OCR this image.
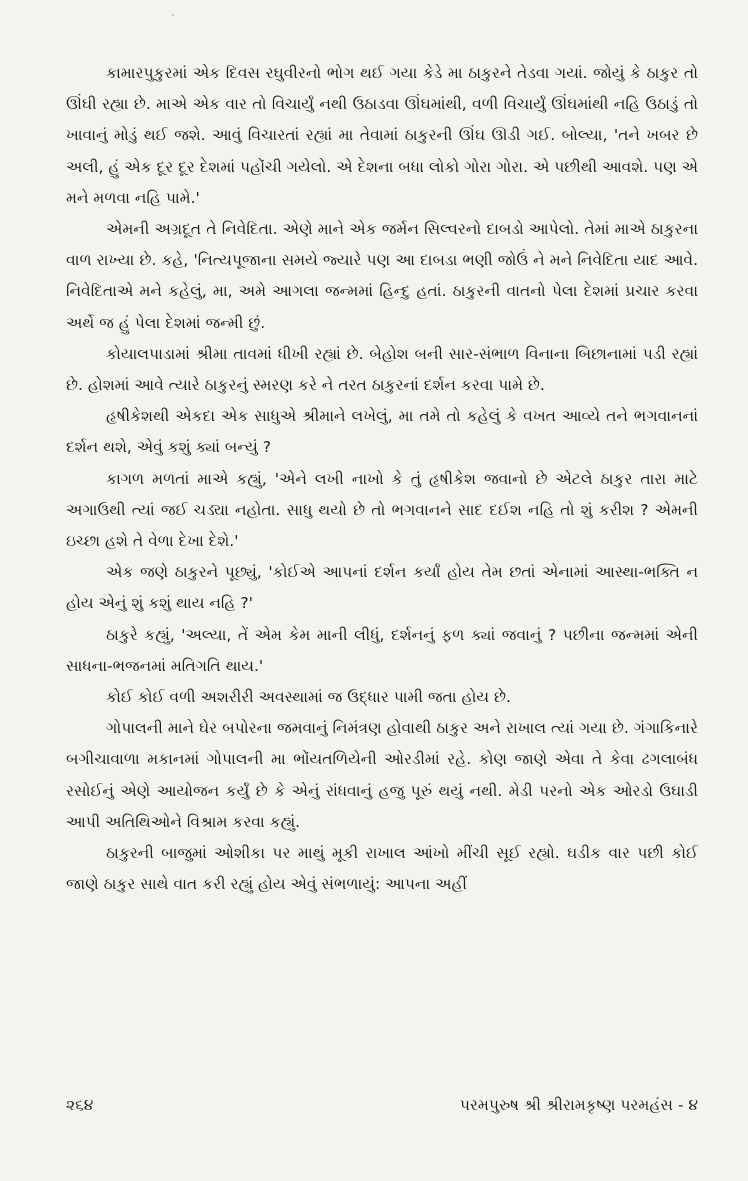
કામારપુકુરમાં એક દિવસ રઘુવીરનો ભોગ થઈ ગયા કેડે મા ઠાકુરને તેડવા ગયાં. જોયું કે ઠાકુર તો ઊંઘી રહ્યા છે. માએ એક વાર તો વિચાર્યું નથી ઉઠાડવા ઊંઘમાંથી, વળી વિચાર્યું ઊંઘમાંથી નહિ ઉઠાડું તો ખાવાનું મોડું થઈ જશે. આવું વિચારતાં રહ્યાં મા તેવામાં ઠાકુરની ઊંઘ ઊડી ગઈ. બોલ્યા, 'તને ખબર છે અલી, હું એક દૂર દૂર દેશમાં પહોંચી ગયેલો. એ દેશના બધા લોકો ગોરા ગોરા. એ પછીથી આવશે. પણ એ મને મળવા નહિ પામે.'

એમની અગ્રદૂત તે નિવેદિતા. એણે માને એક જર્મન સિલ્વરનો દાબડો આપેલો. તેમાં માએ ઠાકુરના વાળ રાખ્યા છે. કહે, 'નિત્યપૂજાના સમયે જ્યારે પણ આ દાબડા ભણી જોઉં ને મને નિવેદિતા યાદ આવે. નિવેદિતાએ મને કહેલું, મા, અમે આગલા જન્મમાં હિન્દુ હતાં. ઠાકુરની વાતનો પેલા દેશમાં પ્રચાર કરવા અર્થે જ હું પેલા દેશમાં જન્મી છું.

કોયાલપાડામાં શ્રીમા તાવમાં ધીખી રહ્યાં છે. બેહોશ બની સાર-સંભાળ વિનાના બિછાનામાં પડી રહ્યાં છે. હોશમાં આવે ત્યારે ઠાકુરનું સ્મરણ કરે ને તરત ઠાકુરનાં દર્શન કરવા પામે છે.

હૃષીકેશથી એકદા એક સાધુએ શ્રીમાને લખેલું, મા તમે તો કહેલું કે વખત આવ્યે તને ભગવાનનાં દર્શન થશે, એવું કશું ક્યાં બન્યું ?

કાગળ મળતાં માએ કહ્યું, 'એને લખી નાખો કે તું હૃષીકેશ જવાનો છે એટલે ઠાકુર તારા માટે અગાઉથી ત્યાં જઈ ચડ્યા નહોતા. સાધુ થયો છે તો ભગવાનને સાદ દઈશ નહિ તો શું કરીશ ? એમની ઇચ્છા હશે તે વેળા દેખા દેશે.'

એક જણે ઠાકુરને પૂછ્યું, 'કોઈએ આપનાં દર્શન કર્યાં હોય તેમ છતાં એનામાં આસ્થા-ભક્તિ ન હોય એનું શું કશું થાય નહિ ?'

ઠાકુરે કહ્યું, 'અલ્યા, તેં એમ કેમ માની લીધું, દર્શનનું ફળ ક્યાં જવાનું ? પછીના જન્મમાં એની સાધના-ભજનમાં મતિગતિ થાય.'

કોઈ કોઈ વળી અશરીરી અવસ્થામાં જ ઉદ્ધાર પામી જતા હોય છે.

ગોપાલની માને ઘેર બપોરના જમવાનું નિમંત્રણ હોવાથી ઠાકુર અને રાખાલ ત્યાં ગયા છે. ગંગાકિનારે બગીચાવાળા મકાનમાં ગોપાલની મા ભોંયતળિયેની ઓરડીમાં રહે. કોણ જાણે એવા તે કેવા ઢગલાબંધ રસોઈનું એણે આયોજન કર્યું છે કે એનું રાંધવાનું હજુ પૂરું થયું નથી. મેડી પરનો એક ઓરડો ઉઘાડી આપી અતિથિઓને વિશ્રામ કરવા કહ્યું.

ઠાકુરની બાજુમાં ઓશીકા પર માથું મૂકી રાખાલ આંખો મીંચી સૂઈ રહ્યો. ઘડીક વાર પછી કોઈ જાણે ઠાકુર સાથે વાત કરી રહ્યું હોય એવું સંભળાયું: આપના અહીં

૨૬૪	પરમપુરુષ શ્રી શ્રીરામકૃષ્ણ પરમહંસ - ૪
